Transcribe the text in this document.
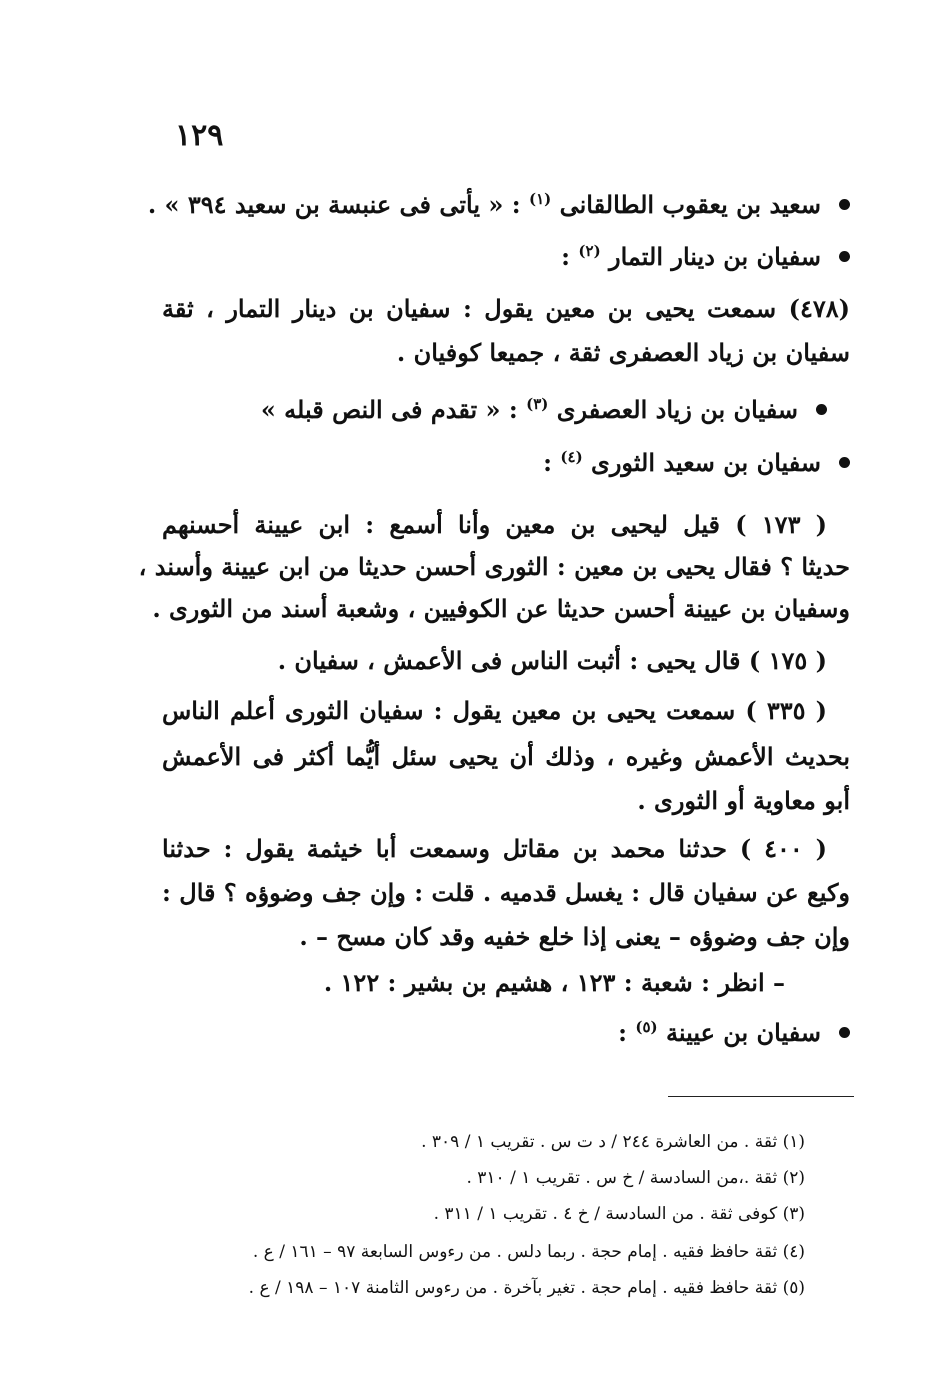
١٢٩
سعيد بن يعقوب الطالقانى $^{(١)}$ : « يأتى فى عنبسة بن سعيد ٣٩٤ » .
سفيان بن دينار التمار $^{(٢)}$ :
(٤٧٨) سمعت يحيى بن معين يقول : سفيان بن دينار التمار ، ثقة
سفيان بن زياد العصفرى ثقة ، جميعا كوفيان .
سفيان بن زياد العصفرى $^{(٣)}$ : « تقدم فى النص قبله »
سفيان بن سعيد الثورى $^{(٤)}$ :
( ١٧٣ ) قيل ليحيى بن معين وأنا أسمع : ابن عيينة أحسنهم
حديثا ؟ فقال يحيى بن معين : الثورى أحسن حديثا من ابن عيينة وأسند ،
وسفيان بن عيينة أحسن حديثا عن الكوفيين ، وشعبة أسند من الثورى .
( ١٧٥ ) قال يحيى : أثبت الناس فى الأعمش ، سفيان .
( ٣٣٥ ) سمعت يحيى بن معين يقول : سفيان الثورى أعلم الناس
بحديث الأعمش وغيره ، وذلك أن يحيى سئل أيُّما أكثر فى الأعمش
أبو معاوية أو الثورى .
( ٤٠٠ ) حدثنا محمد بن مقاتل وسمعت أبا خيثمة يقول : حدثنا
وكيع عن سفيان قال : يغسل قدميه . قلت : وإن جف وضوؤه ؟ قال :
وإن جف وضوؤه – يعنى إذا خلع خفيه وقد كان مسح – .
– انظر : شعبة : ١٢٣ ، هشيم بن بشير : ١٢٢ .
سفيان بن عيينة $^{(٥)}$ :
(١) ثقة . من العاشرة ٢٤٤ / د ت س . تقريب ١ / ٣٠٩ .
(٢) ثقة .،من السادسة / خ س . تقريب ١ / ٣١٠ .
(٣) كوفى ثقة . من السادسة / خ ٤ . تقريب ١ / ٣١١ .
(٤) ثقة حافظ فقيه . إمام حجة . ربما دلس . من رءوس السابعة ٩٧ – ١٦١ / ع .
(٥) ثقة حافظ فقيه . إمام حجة . تغير بآخرة . من رءوس الثامنة ١٠٧ – ١٩٨ / ع .
